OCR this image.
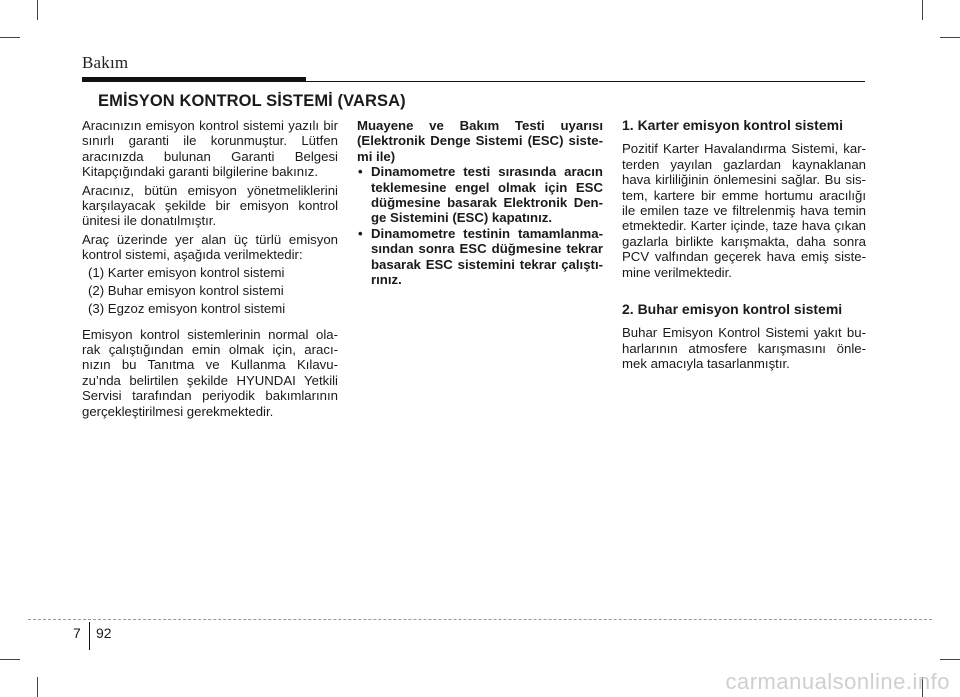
Bakım
EMİSYON KONTROL SİSTEMİ (VARSA)

Aracınızın emisyon kontrol sistemi yazılı bir sınırlı garanti ile korunmuştur. Lütfen aracınızda bulunan Garanti Belgesi Kitapçığındaki garanti bilgilerine bakınız.

Aracınız, bütün emisyon yönetmeliklerini karşılayacak şekilde bir emisyon kontrol ünitesi ile donatılmıştır.

Araç üzerinde yer alan üç türlü emisyon kontrol sistemi, aşağıda verilmektedir:

(1) Karter emisyon kontrol sistemi

(2) Buhar emisyon kontrol sistemi

(3) Egzoz emisyon kontrol sistemi

Emisyon kontrol sistemlerinin normal ola-rak çalıştığından emin olmak için, aracı-nızın bu Tanıtma ve Kullanma Kılavu-zu’nda belirtilen şekilde HYUNDAI Yetkili Servisi tarafından periyodik bakımlarının gerçekleştirilmesi gerekmektedir.

Muayene ve Bakım Testi uyarısı (Elektronik Denge Sistemi (ESC) siste-mi ile)

• Dinamometre testi sırasında aracın teklemesine engel olmak için ESC düğmesine basarak Elektronik Den-ge Sistemini (ESC) kapatınız.
• Dinamometre testinin tamamlanma-sından sonra ESC düğmesine tekrar basarak ESC sistemini tekrar çalıştı-rınız.

1. Karter emisyon kontrol sistemi

Pozitif Karter Havalandırma Sistemi, kar-terden yayılan gazlardan kaynaklanan hava kirliliğinin önlemesini sağlar. Bu sis-tem, kartere bir emme hortumu aracılığı ile emilen taze ve filtrelenmiş hava temin etmektedir. Karter içinde, taze hava çıkan gazlarla birlikte karışmakta, daha sonra PCV valfından geçerek hava emiş siste-mine verilmektedir.

2. Buhar emisyon kontrol sistemi

Buhar Emisyon Kontrol Sistemi yakıt bu-harlarının atmosfere karışmasını önle-mek amacıyla tasarlanmıştır.

7 92
carmanualsonline.info
